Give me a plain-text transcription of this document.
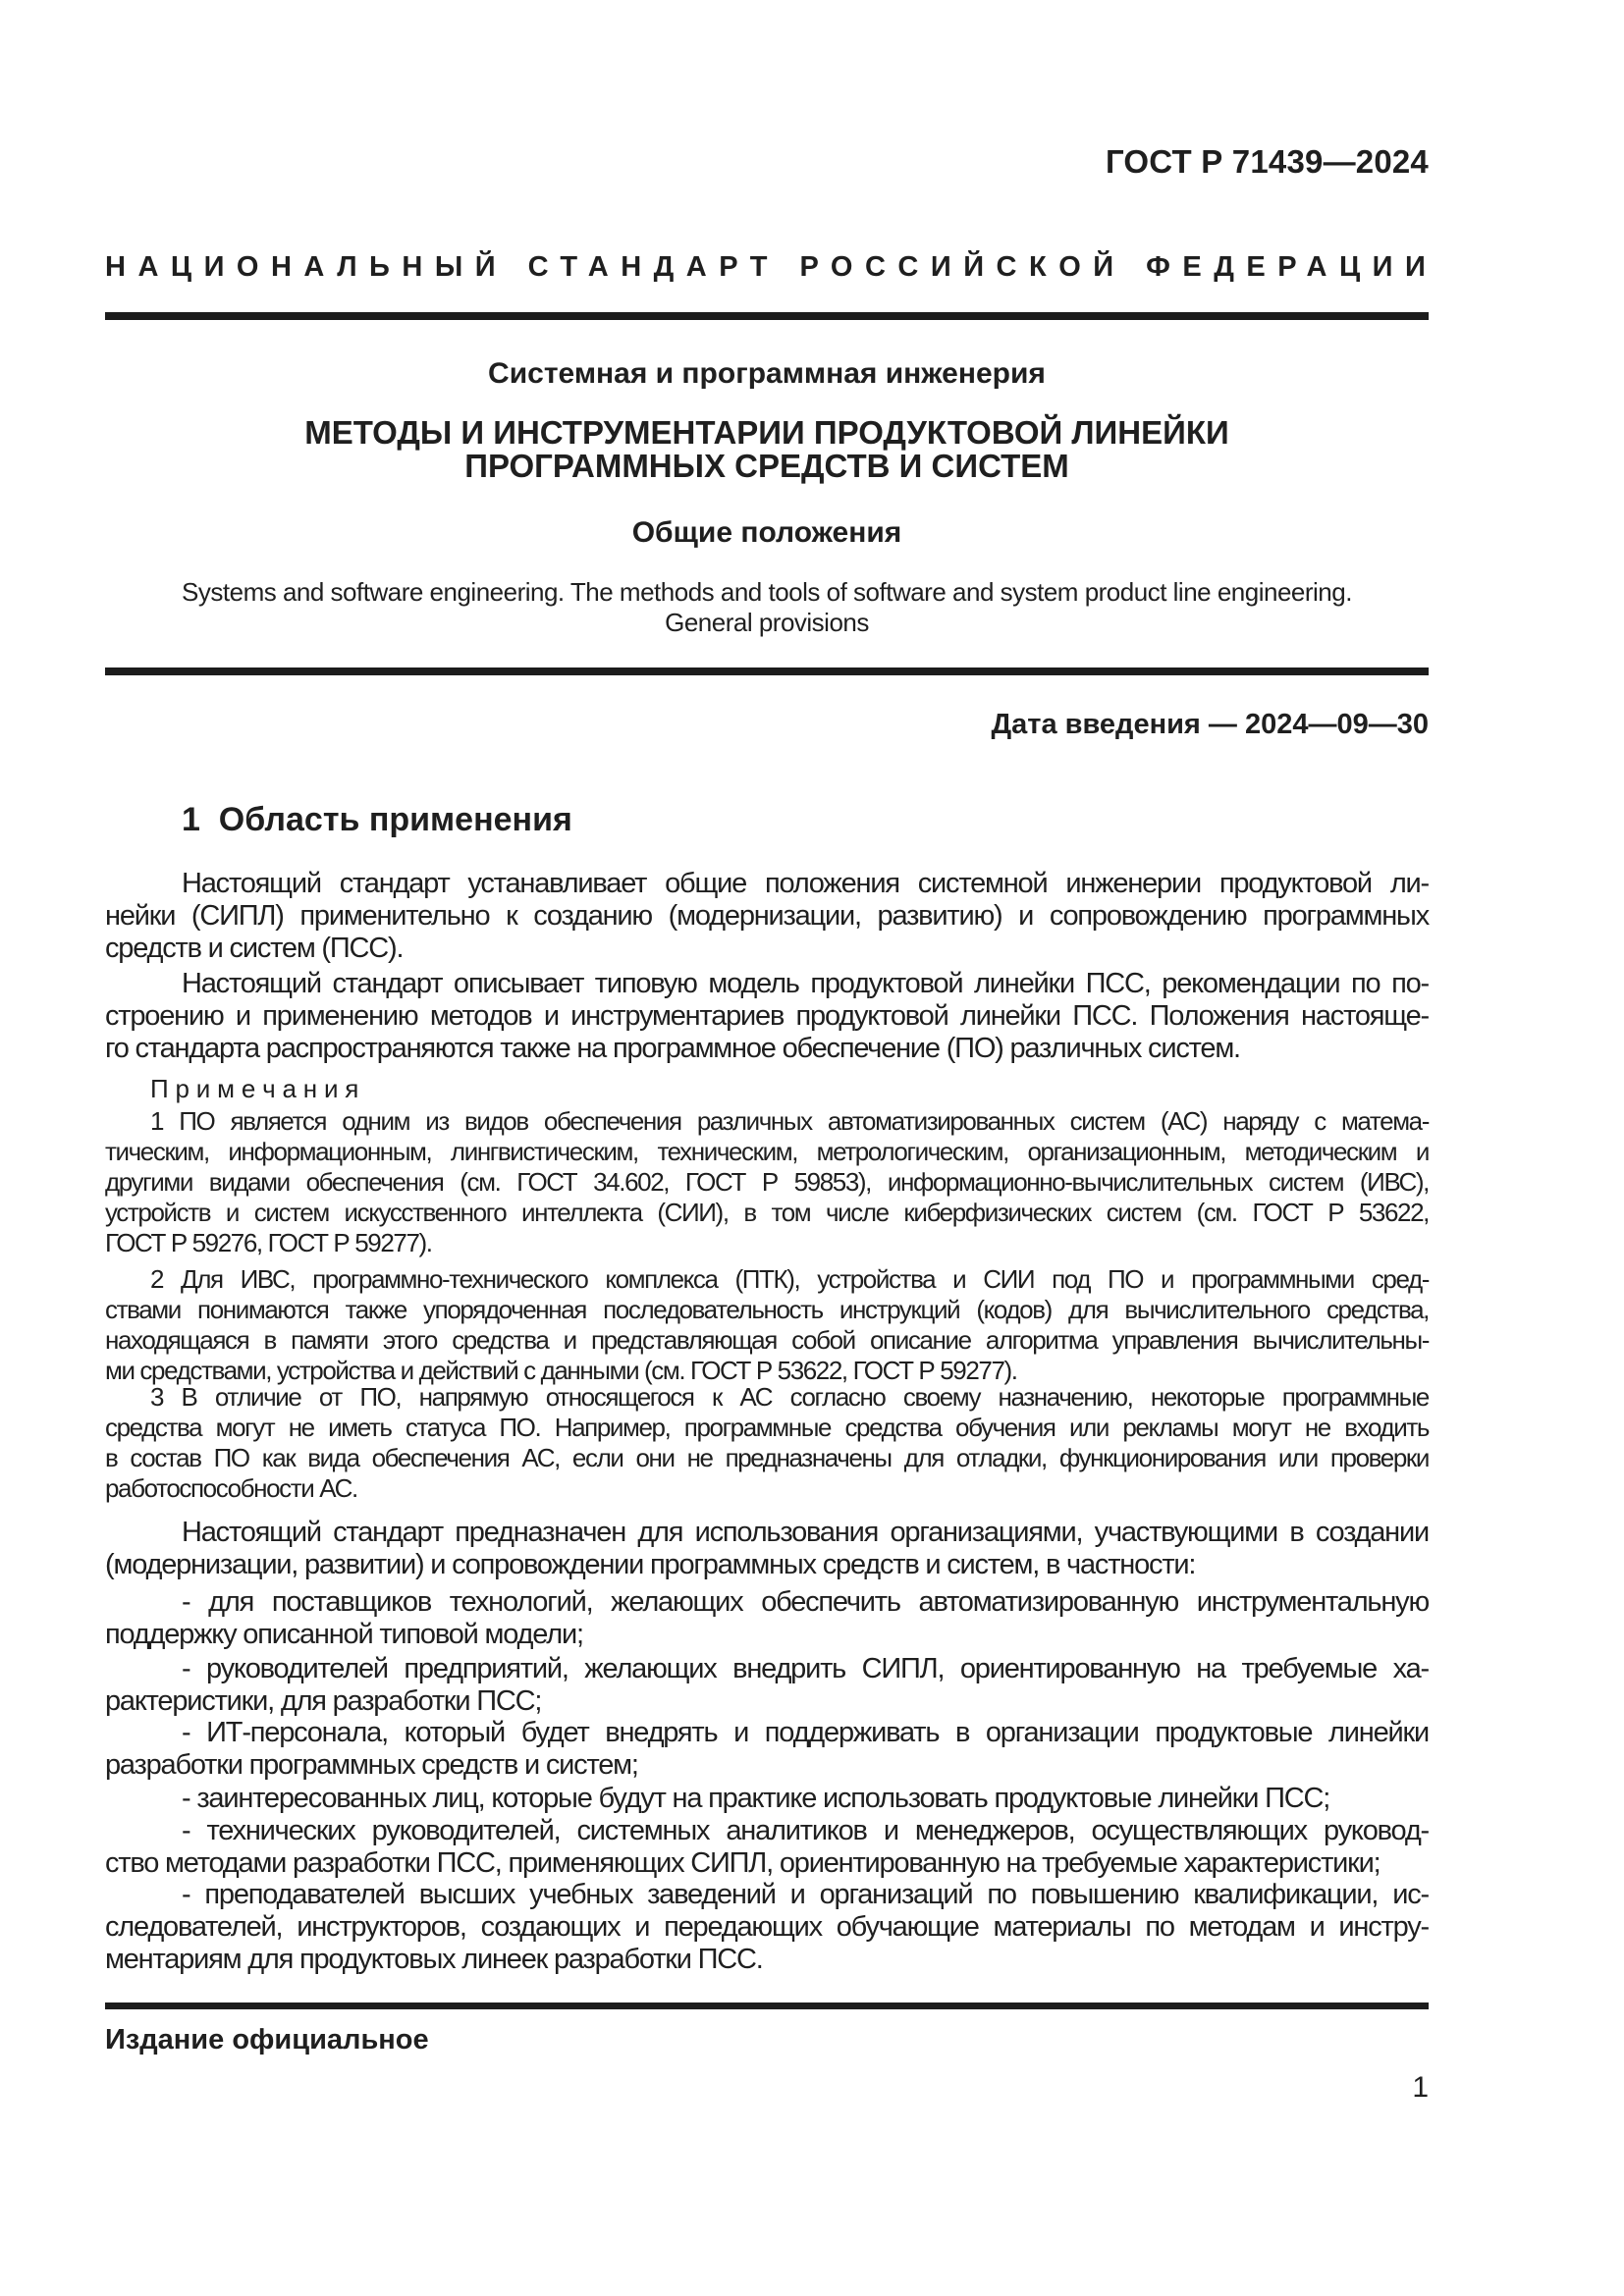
ГОСТ Р 71439—2024
НАЦИОНАЛЬНЫЙ СТАНДАРТ РОССИЙСКОЙ ФЕДЕРАЦИИ
Системная и программная инженерия
МЕТОДЫ И ИНСТРУМЕНТАРИИ ПРОДУКТОВОЙ ЛИНЕЙКИ
ПРОГРАММНЫХ СРЕДСТВ И СИСТЕМ
Общие положения
Systems and software engineering. The methods and tools of software and system product line engineering.
General provisions
Дата введения — 2024—09—30
1  Область применения
Настоящий стандарт устанавливает общие положения системной инженерии продуктовой ли-
нейки (СИПЛ) применительно к созданию (модернизации, развитию) и сопровождению программных
средств и систем (ПСС).
Настоящий стандарт описывает типовую модель продуктовой линейки ПСС, рекомендации по по-
строению и применению методов и инструментариев продуктовой линейки ПСС. Положения настояще-
го стандарта распространяются также на программное обеспечение (ПО) различных систем.
П р и м е ч а н и я
1 ПО является одним из видов обеспечения различных автоматизированных систем (АС) наряду с матема-
тическим, информационным, лингвистическим, техническим, метрологическим, организационным, методическим и
другими видами обеспечения (см. ГОСТ 34.602, ГОСТ Р 59853), информационно-вычислительных систем (ИВС),
устройств и систем искусственного интеллекта (СИИ), в том числе киберфизических систем (см. ГОСТ Р 53622,
ГОСТ Р 59276, ГОСТ Р 59277).
2 Для ИВС, программно-технического комплекса (ПТК), устройства и СИИ под ПО и программными сред-
ствами понимаются также упорядоченная последовательность инструкций (кодов) для вычислительного средства,
находящаяся в памяти этого средства и представляющая собой описание алгоритма управления вычислительны-
ми средствами, устройства и действий с данными (см. ГОСТ Р 53622, ГОСТ Р 59277).
3 В отличие от ПО, напрямую относящегося к АС согласно своему назначению, некоторые программные
средства могут не иметь статуса ПО. Например, программные средства обучения или рекламы могут не входить
в состав ПО как вида обеспечения АС, если они не предназначены для отладки, функционирования или проверки
работоспособности АС.
Настоящий стандарт предназначен для использования организациями, участвующими в создании
(модернизации, развитии) и сопровождении программных средств и систем, в частности:
- для поставщиков технологий, желающих обеспечить автоматизированную инструментальную
поддержку описанной типовой модели;
- руководителей предприятий, желающих внедрить СИПЛ, ориентированную на требуемые ха-
рактеристики, для разработки ПСС;
- ИТ-персонала, который будет внедрять и поддерживать в организации продуктовые линейки
разработки программных средств и систем;
- заинтересованных лиц, которые будут на практике использовать продуктовые линейки ПСС;
- технических руководителей, системных аналитиков и менеджеров, осуществляющих руковод-
ство методами разработки ПСС, применяющих СИПЛ, ориентированную на требуемые характеристики;
- преподавателей высших учебных заведений и организаций по повышению квалификации, ис-
следователей, инструкторов, создающих и передающих обучающие материалы по методам и инстру-
ментариям для продуктовых линеек разработки ПСС.
Издание официальное
1
